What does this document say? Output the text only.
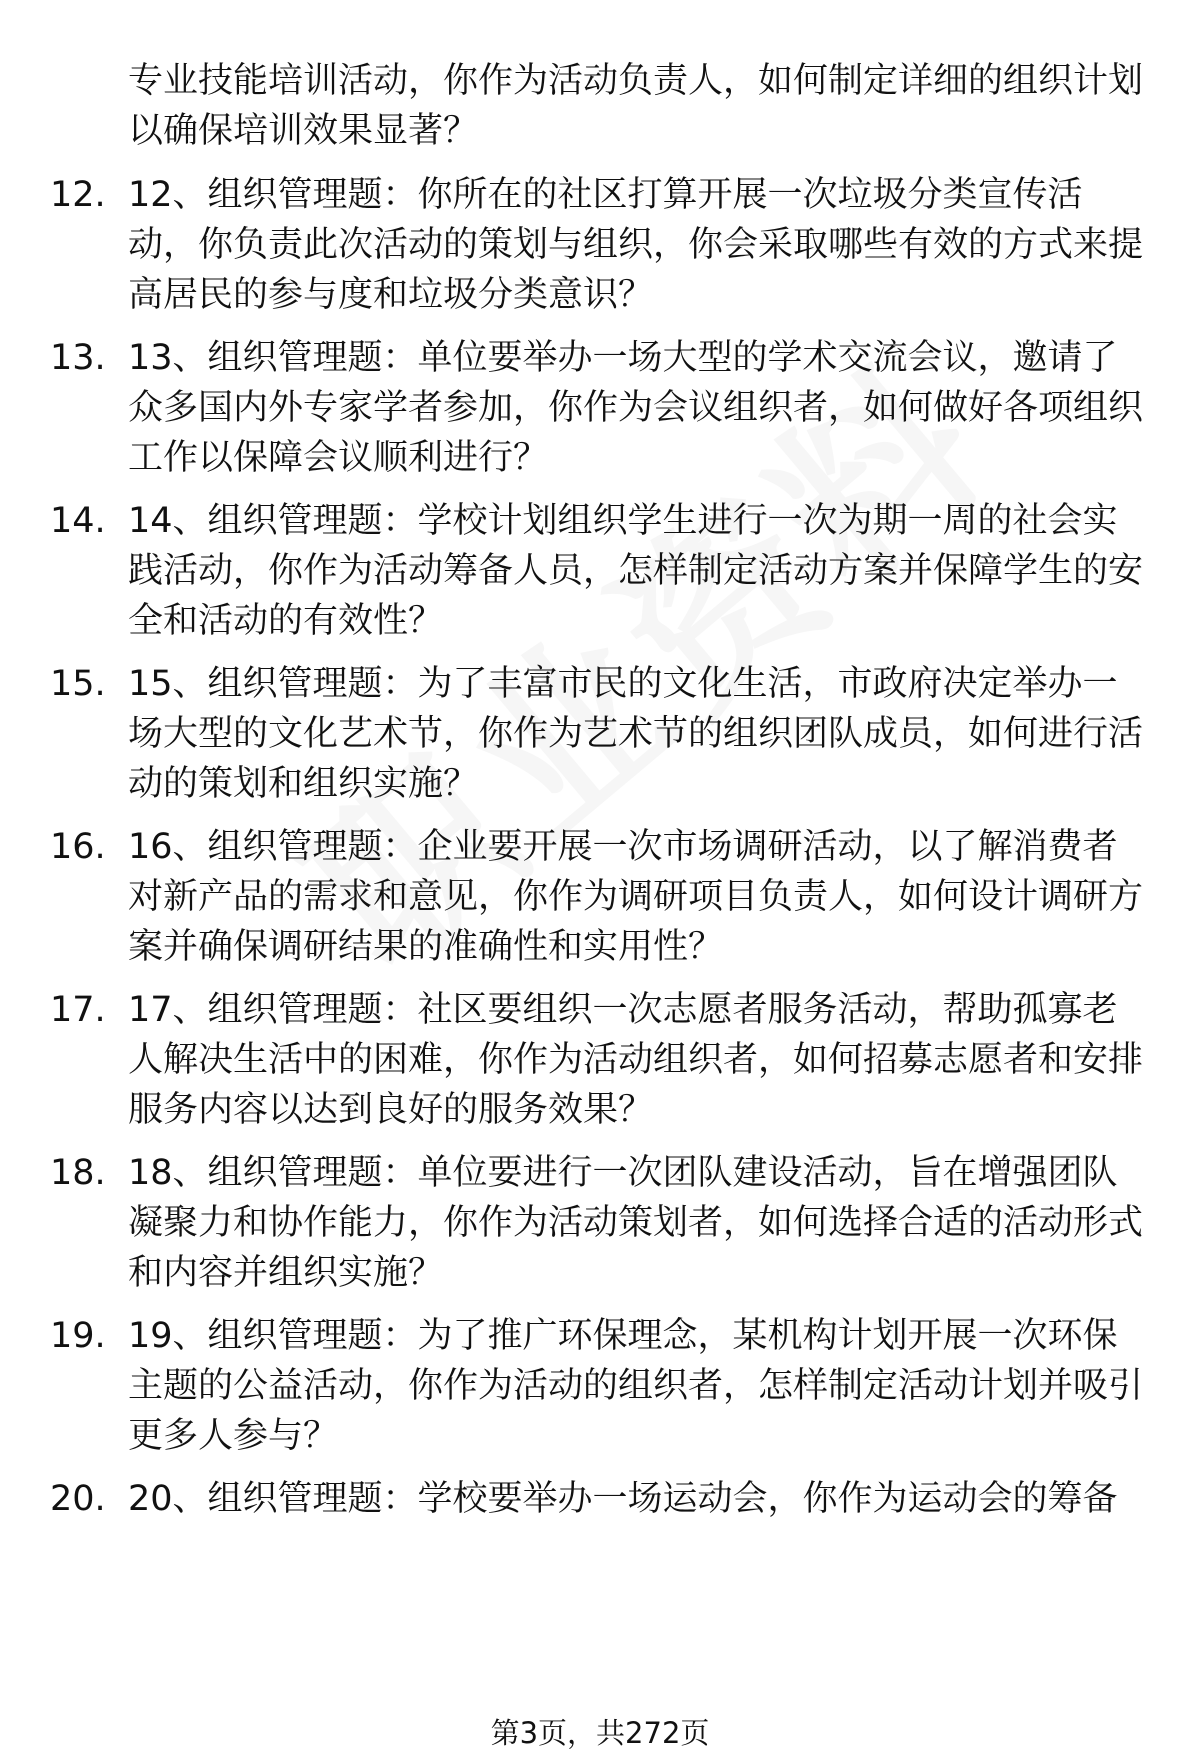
专业技能培训活动，你作为活动负责人，如何制定详细的组织计划以确保培训效果显著？
12. 12、组织管理题：你所在的社区打算开展一次垃圾分类宣传活动，你负责此次活动的策划与组织，你会采取哪些有效的方式来提高居民的参与度和垃圾分类意识？
13. 13、组织管理题：单位要举办一场大型的学术交流会议，邀请了众多国内外专家学者参加，你作为会议组织者，如何做好各项组织工作以保障会议顺利进行？
14. 14、组织管理题：学校计划组织学生进行一次为期一周的社会实践活动，你作为活动筹备人员，怎样制定活动方案并保障学生的安全和活动的有效性？
15. 15、组织管理题：为了丰富市民的文化生活，市政府决定举办一场大型的文化艺术节，你作为艺术节的组织团队成员，如何进行活动的策划和组织实施？
16. 16、组织管理题：企业要开展一次市场调研活动，以了解消费者对新产品的需求和意见，你作为调研项目负责人，如何设计调研方案并确保调研结果的准确性和实用性？
17. 17、组织管理题：社区要组织一次志愿者服务活动，帮助孤寡老人解决生活中的困难，你作为活动组织者，如何招募志愿者和安排服务内容以达到良好的服务效果？
18. 18、组织管理题：单位要进行一次团队建设活动，旨在增强团队凝聚力和协作能力，你作为活动策划者，如何选择合适的活动形式和内容并组织实施？
19. 19、组织管理题：为了推广环保理念，某机构计划开展一次环保主题的公益活动，你作为活动的组织者，怎样制定活动计划并吸引更多人参与？
20. 20、组织管理题：学校要举办一场运动会，你作为运动会的筹备
第3页，共272页
